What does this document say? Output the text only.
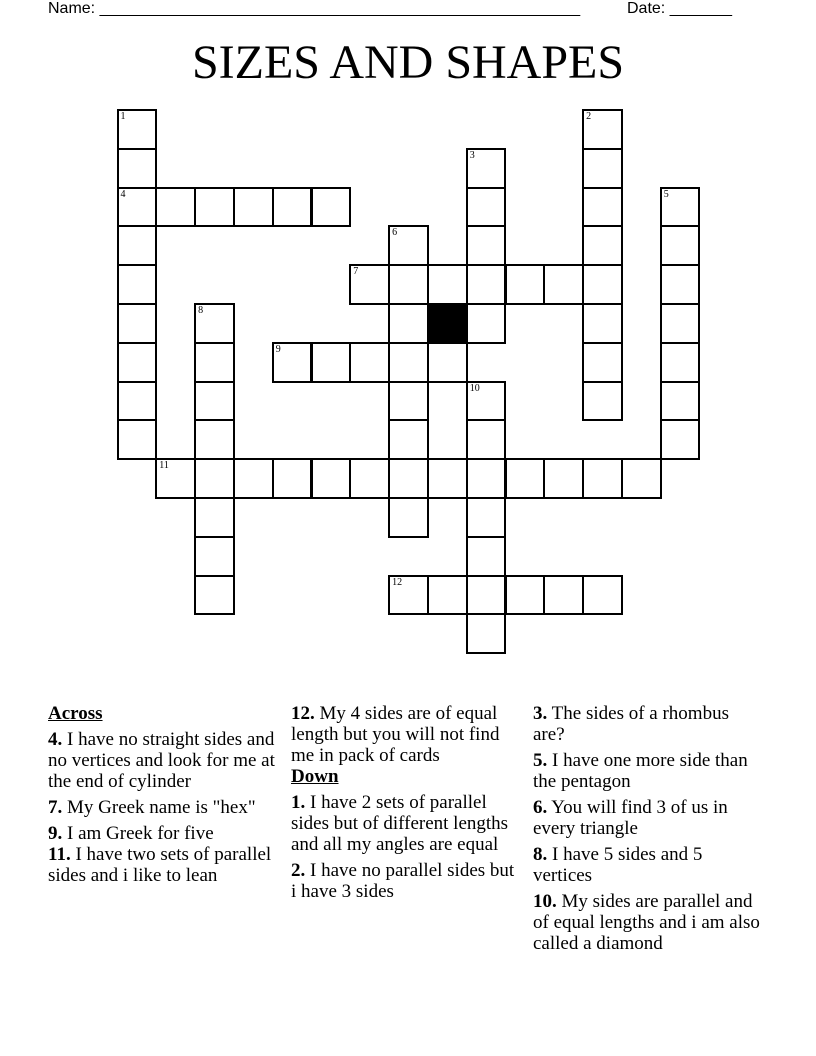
Name: ______________________________________________________	Date: _______
SIZES AND SHAPES
4
7
9
11
12
1	2
3
5
6
8
10
Across
4. I have no straight sides and no vertices and look for me at the end of cylinder
7. My Greek name is "hex"
9. I am Greek for five
11. I have two sets of parallel sides and i like to lean
12. My 4 sides are of equal length but you will not find me in pack of cards
Down
1. I have 2 sets of parallel sides but of different lengths and all my angles are equal
2. I have no parallel sides but i have 3 sides
3. The sides of a rhombus are?
5. I have one more side than the pentagon
6. You will find 3 of us in every triangle
8. I have 5 sides and 5 vertices
10. My sides are parallel and of equal lengths and i am also called a diamond
